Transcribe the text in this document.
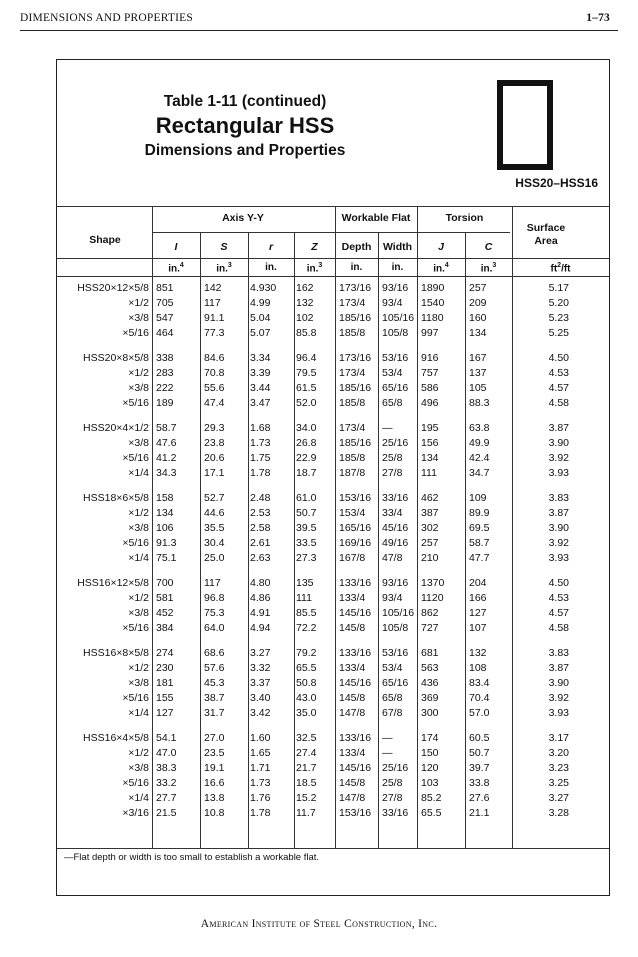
DIMENSIONS AND PROPERTIES	1–73

Table 1-11 (continued)

Rectangular HSS

Dimensions and Properties

HSS20–HSS16
Shape
Axis Y-Y	Workable Flat	Torsion
Surface Area
I	S	r	Z	Depth	Width	J	C
in.$^4$	in.$^3$	in.	in.$^3$	in.	in.	in.$^4$	in.$^3$	$ft^2/ft$
HSS20×12×5/8 851	142	4.930	162	173/16	93/16	1890	257	5.17
×1/2 705	117	4.99	132	173/4	93/4	1540	209	5.20
×3/8 547	91.1	5.04	102	185/16	105/16 1180	160	5.23
×5/16 464	77.3	5.07	85.8	185/8	105/8	997	134	5.25
HSS20×8×5/8 338	84.6	3.34	96.4	173/16	53/16	916	167	4.50
×1/2 283	70.8	3.39	79.5	173/4	53/4	757	137	4.53
×3/8 222	55.6	3.44	61.5	185/16	65/16	586	105	4.57
×5/16 189	47.4	3.47	52.0	185/8	65/8	496	88.3	4.58
HSS20×4×1/2 58.7	29.3	1.68	34.0	173/4	—	195	63.8	3.87
×3/8 47.6	23.8	1.73	26.8	185/16	25/16	156	49.9	3.90
×5/16 41.2	20.6	1.75	22.9	185/8	25/8	134	42.4	3.92
×1/4 34.3	17.1	1.78	18.7	187/8	27/8	111	34.7	3.93
HSS18×6×5/8 158	52.7	2.48	61.0	153/16	33/16	462	109	3.83
×1/2 134	44.6	2.53	50.7	153/4	33/4	387	89.9	3.87
×3/8 106	35.5	2.58	39.5	165/16	45/16	302	69.5	3.90
×5/16 91.3	30.4	2.61	33.5	169/16	49/16	257	58.7	3.92
×1/4 75.1	25.0	2.63	27.3	167/8	47/8	210	47.7	3.93
HSS16×12×5/8 700	117	4.80	135	133/16	93/16	1370	204	4.50
×1/2 581	96.8	4.86	111	133/4	93/4	1120	166	4.53
×3/8 452	75.3	4.91	85.5	145/16	105/16 862	127	4.57
×5/16 384	64.0	4.94	72.2	145/8	105/8	727	107	4.58
HSS16×8×5/8 274	68.6	3.27	79.2	133/16	53/16	681	132	3.83
×1/2 230	57.6	3.32	65.5	133/4	53/4	563	108	3.87
×3/8 181	45.3	3.37	50.8	145/16	65/16	436	83.4	3.90
×5/16 155	38.7	3.40	43.0	145/8	65/8	369	70.4	3.92
×1/4 127	31.7	3.42	35.0	147/8	67/8	300	57.0	3.93
HSS16×4×5/8 54.1	27.0	1.60	32.5	133/16	—	174	60.5	3.17
×1/2 47.0	23.5	1.65	27.4	133/4	—	150	50.7	3.20
×3/8 38.3	19.1	1.71	21.7	145/16	25/16	120	39.7	3.23
×5/16 33.2	16.6	1.73	18.5	145/8	25/8	103	33.8	3.25
×1/4 27.7	13.8	1.76	15.2	147/8	27/8	85.2	27.6	3.27
×3/16 21.5	10.8	1.78	11.7	153/16	33/16	65.5	21.1	3.28
—Flat depth or width is too small to establish a workable flat.
American Institute of Steel Construction, Inc.
